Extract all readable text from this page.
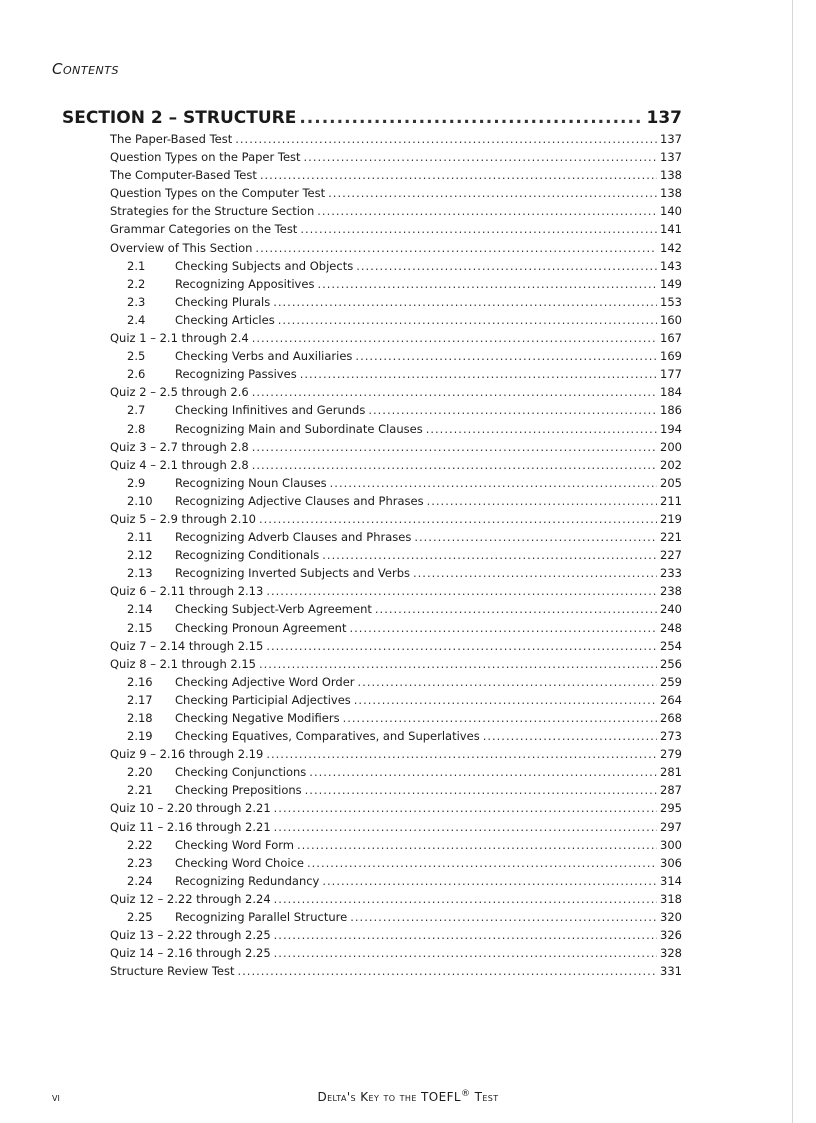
Contents
SECTION 2 – STRUCTURE .....	137
The Paper-Based Test .....	137
Question Types on the Paper Test .....	137
The Computer-Based Test .....	138
Question Types on the Computer Test .....	138
Strategies for the Structure Section .....	140
Grammar Categories on the Test .....	141
Overview of This Section .....	142
2.1	Checking Subjects and Objects .....	143
2.2	Recognizing Appositives .....	149
2.3	Checking Plurals .....	153
2.4	Checking Articles .....	160
Quiz 1 – 2.1 through 2.4 .....	167
2.5	Checking Verbs and Auxiliaries .....	169
2.6	Recognizing Passives .....	177
Quiz 2 – 2.5 through 2.6 .....	184
2.7	Checking Infinitives and Gerunds .....	186
2.8	Recognizing Main and Subordinate Clauses .....	194
Quiz 3 – 2.7 through 2.8 .....	200
Quiz 4 – 2.1 through 2.8 .....	202
2.9	Recognizing Noun Clauses .....	205
2.10	Recognizing Adjective Clauses and Phrases .....	211
Quiz 5 – 2.9 through 2.10 .....	219
2.11	Recognizing Adverb Clauses and Phrases .....	221
2.12	Recognizing Conditionals .....	227
2.13	Recognizing Inverted Subjects and Verbs .....	233
Quiz 6 – 2.11 through 2.13 .....	238
2.14	Checking Subject-Verb Agreement .....	240
2.15	Checking Pronoun Agreement .....	248
Quiz 7 – 2.14 through 2.15 .....	254
Quiz 8 – 2.1 through 2.15 .....	256
2.16	Checking Adjective Word Order .....	259
2.17	Checking Participial Adjectives .....	264
2.18	Checking Negative Modifiers .....	268
2.19	Checking Equatives, Comparatives, and Superlatives .....	273
Quiz 9 – 2.16 through 2.19 .....	279
2.20	Checking Conjunctions .....	281
2.21	Checking Prepositions .....	287
Quiz 10 – 2.20 through 2.21 .....	295
Quiz 11 – 2.16 through 2.21 .....	297
2.22	Checking Word Form .....	300
2.23	Checking Word Choice .....	306
2.24	Recognizing Redundancy .....	314
Quiz 12 – 2.22 through 2.24 .....	318
2.25	Recognizing Parallel Structure .....	320
Quiz 13 – 2.22 through 2.25 .....	326
Quiz 14 – 2.16 through 2.25 .....	328
Structure Review Test .....	331
vi	Delta's Key to the TOEFL® Test
